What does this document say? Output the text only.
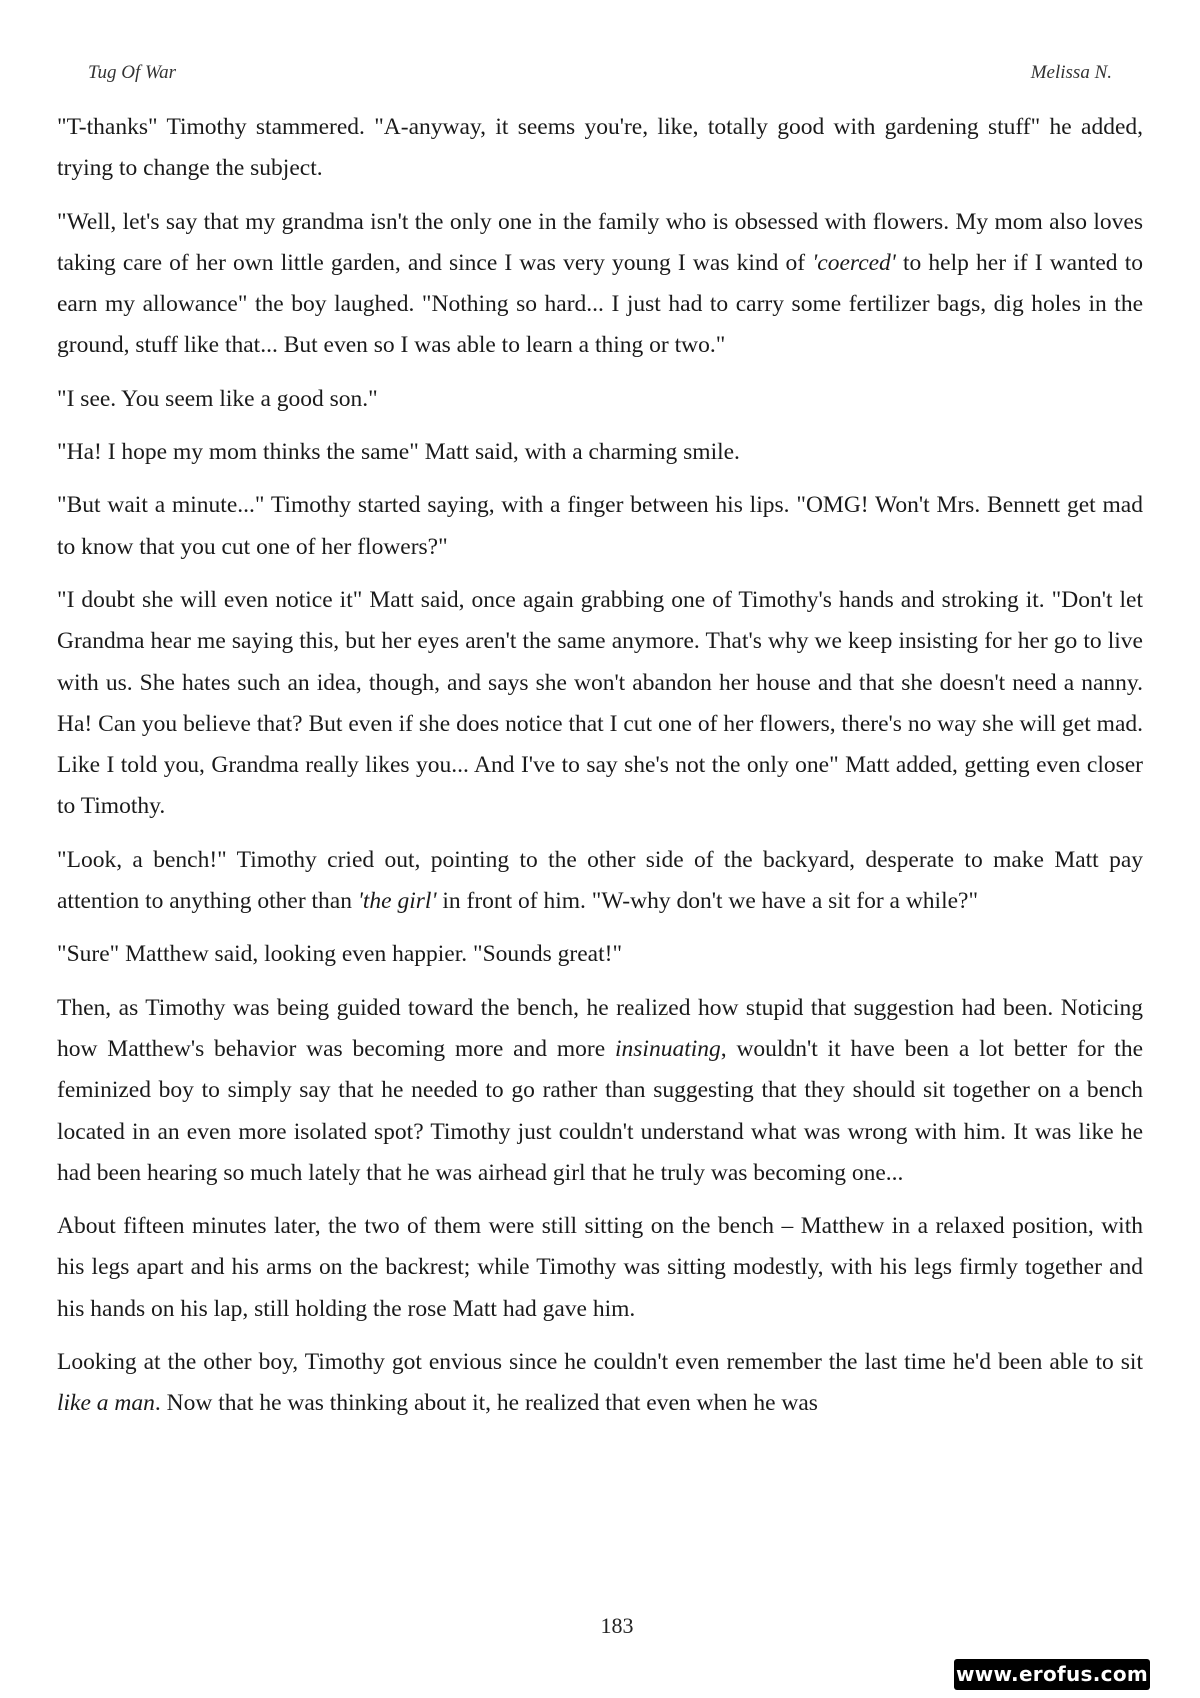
Tug Of War	Melissa N.

"T-thanks" Timothy stammered. "A-anyway, it seems you're, like, totally good with gardening stuff" he added, trying to change the subject.

"Well, let's say that my grandma isn't the only one in the family who is obsessed with flowers. My mom also loves taking care of her own little garden, and since I was very young I was kind of 'coerced' to help her if I wanted to earn my allowance" the boy laughed. "Nothing so hard... I just had to carry some fertilizer bags, dig holes in the ground, stuff like that... But even so I was able to learn a thing or two."

"I see. You seem like a good son."

"Ha! I hope my mom thinks the same" Matt said, with a charming smile.

"But wait a minute..." Timothy started saying, with a finger between his lips. "OMG! Won't Mrs. Bennett get mad to know that you cut one of her flowers?"

"I doubt she will even notice it" Matt said, once again grabbing one of Timothy's hands and stroking it. "Don't let Grandma hear me saying this, but her eyes aren't the same anymore. That's why we keep insisting for her go to live with us. She hates such an idea, though, and says she won't abandon her house and that she doesn't need a nanny. Ha! Can you believe that? But even if she does notice that I cut one of her flowers, there's no way she will get mad. Like I told you, Grandma really likes you... And I've to say she's not the only one" Matt added, getting even closer to Timothy.

"Look, a bench!" Timothy cried out, pointing to the other side of the backyard, desperate to make Matt pay attention to anything other than 'the girl' in front of him. "W-why don't we have a sit for a while?"

"Sure" Matthew said, looking even happier. "Sounds great!"

Then, as Timothy was being guided toward the bench, he realized how stupid that suggestion had been. Noticing how Matthew's behavior was becoming more and more insinuating, wouldn't it have been a lot better for the feminized boy to simply say that he needed to go rather than suggesting that they should sit together on a bench located in an even more isolated spot? Timothy just couldn't understand what was wrong with him. It was like he had been hearing so much lately that he was airhead girl that he truly was becoming one...

About fifteen minutes later, the two of them were still sitting on the bench – Matthew in a relaxed position, with his legs apart and his arms on the backrest; while Timothy was sitting modestly, with his legs firmly together and his hands on his lap, still holding the rose Matt had gave him.

Looking at the other boy, Timothy got envious since he couldn't even remember the last time he'd been able to sit like a man. Now that he was thinking about it, he realized that even when he was

183
www.erofus.com
